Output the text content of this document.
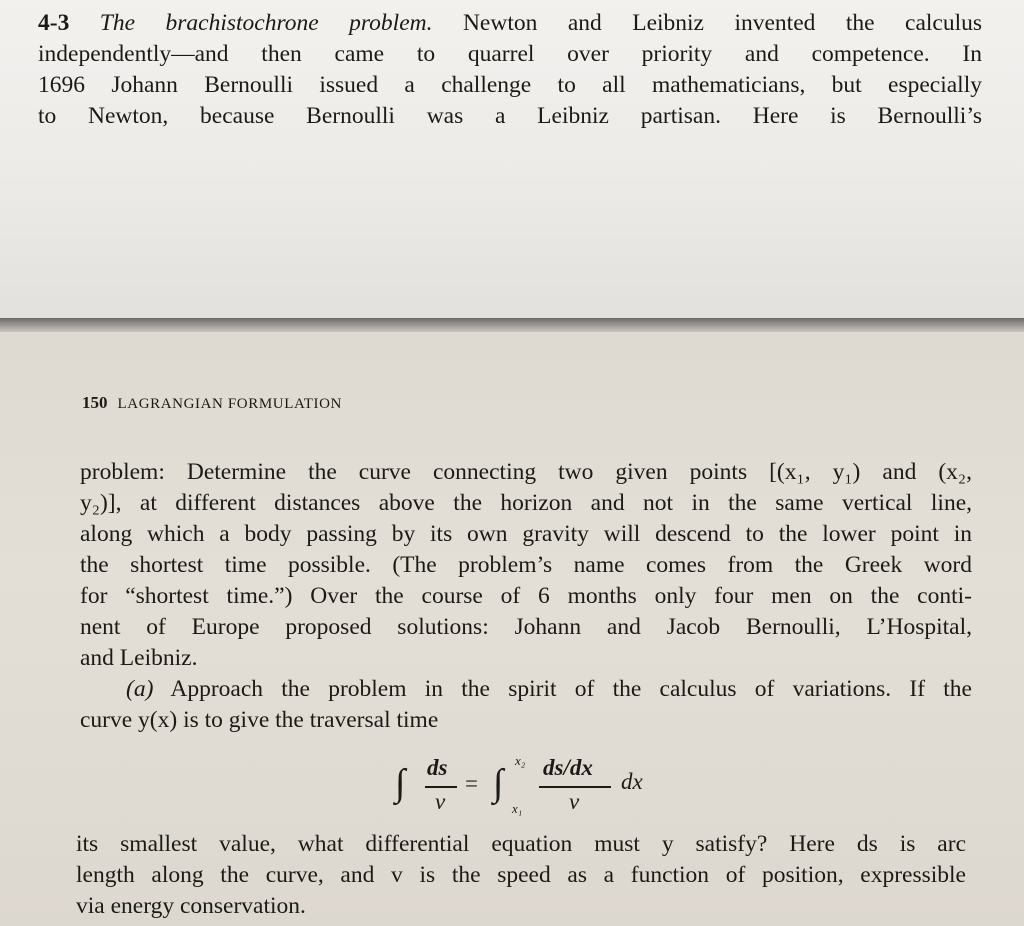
4-3 The brachistochrone problem. Newton and Leibniz invented the calculus
independently—and then came to quarrel over priority and competence. In
1696 Johann Bernoulli issued a challenge to all mathematicians, but especially
to Newton, because Bernoulli was a Leibniz partisan. Here is Bernoulli’s
150 LAGRANGIAN FORMULATION
problem: Determine the curve connecting two given points [(x₁, y₁) and (x₂,
y₂)], at different distances above the horizon and not in the same vertical line,
along which a body passing by its own gravity will descend to the lower point in
the shortest time possible. (The problem’s name comes from the Greek word
for “shortest time.”) Over the course of 6 months only four men on the conti-
nent of Europe proposed solutions: Johann and Jacob Bernoulli, L’Hospital,
and Leibniz.
(a) Approach the problem in the spirit of the calculus of variations. If the
curve y(x) is to give the traversal time
∫ ds
v
= ∫
x₂
x₁
ds/dx
v
dx
its smallest value, what differential equation must y satisfy? Here ds is arc
length along the curve, and v is the speed as a function of position, expressible
via energy conservation.
